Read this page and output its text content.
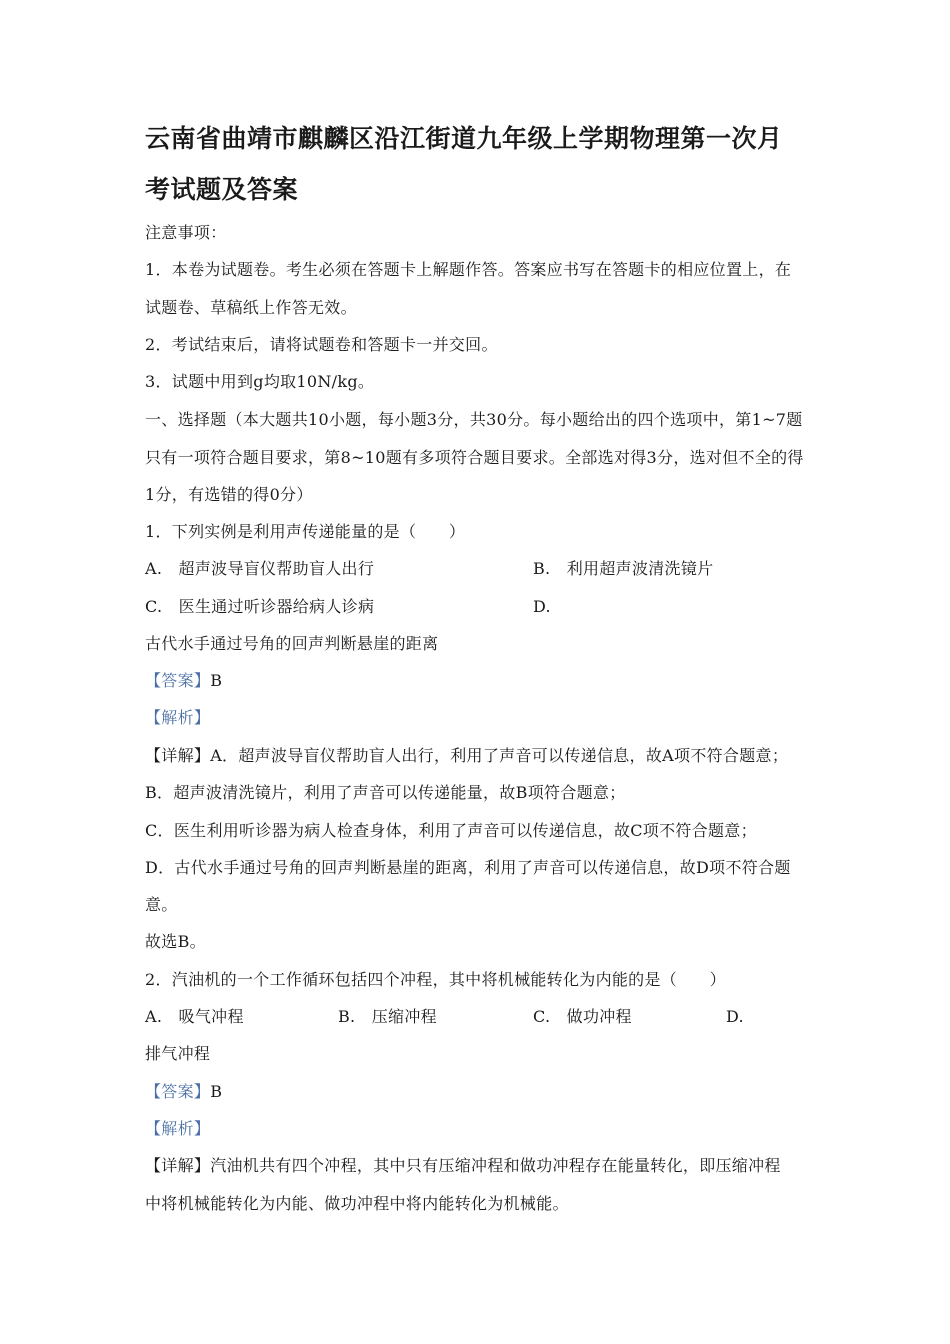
云南省曲靖市麒麟区沿江街道九年级上学期物理第一次月
考试题及答案
注意事项：
1．本卷为试题卷。考生必须在答题卡上解题作答。答案应书写在答题卡的相应位置上，在
试题卷、草稿纸上作答无效。
2．考试结束后，请将试题卷和答题卡一并交回。
3．试题中用到g均取10N/kg。
一、选择题（本大题共10小题，每小题3分，共30分。每小题给出的四个选项中，第1~7题
只有一项符合题目要求，第8~10题有多项符合题目要求。全部选对得3分，选对但不全的得
1分，有选错的得0分）
1．下列实例是利用声传递能量的是（　　）
A.　超声波导盲仪帮助盲人出行	B.　利用超声波清洗镜片
C.　医生通过听诊器给病人诊病	D.
古代水手通过号角的回声判断悬崖的距离
【答案】B
【解析】
【详解】A．超声波导盲仪帮助盲人出行，利用了声音可以传递信息，故A项不符合题意；
B．超声波清洗镜片，利用了声音可以传递能量，故B项符合题意；
C．医生利用听诊器为病人检查身体，利用了声音可以传递信息，故C项不符合题意；
D．古代水手通过号角的回声判断悬崖的距离，利用了声音可以传递信息，故D项不符合题
意。
故选B。
2．汽油机的一个工作循环包括四个冲程，其中将机械能转化为内能的是（　　）
A.　吸气冲程	B.　压缩冲程	C.　做功冲程	D.
排气冲程
【答案】B
【解析】
【详解】汽油机共有四个冲程，其中只有压缩冲程和做功冲程存在能量转化，即压缩冲程
中将机械能转化为内能、做功冲程中将内能转化为机械能。
